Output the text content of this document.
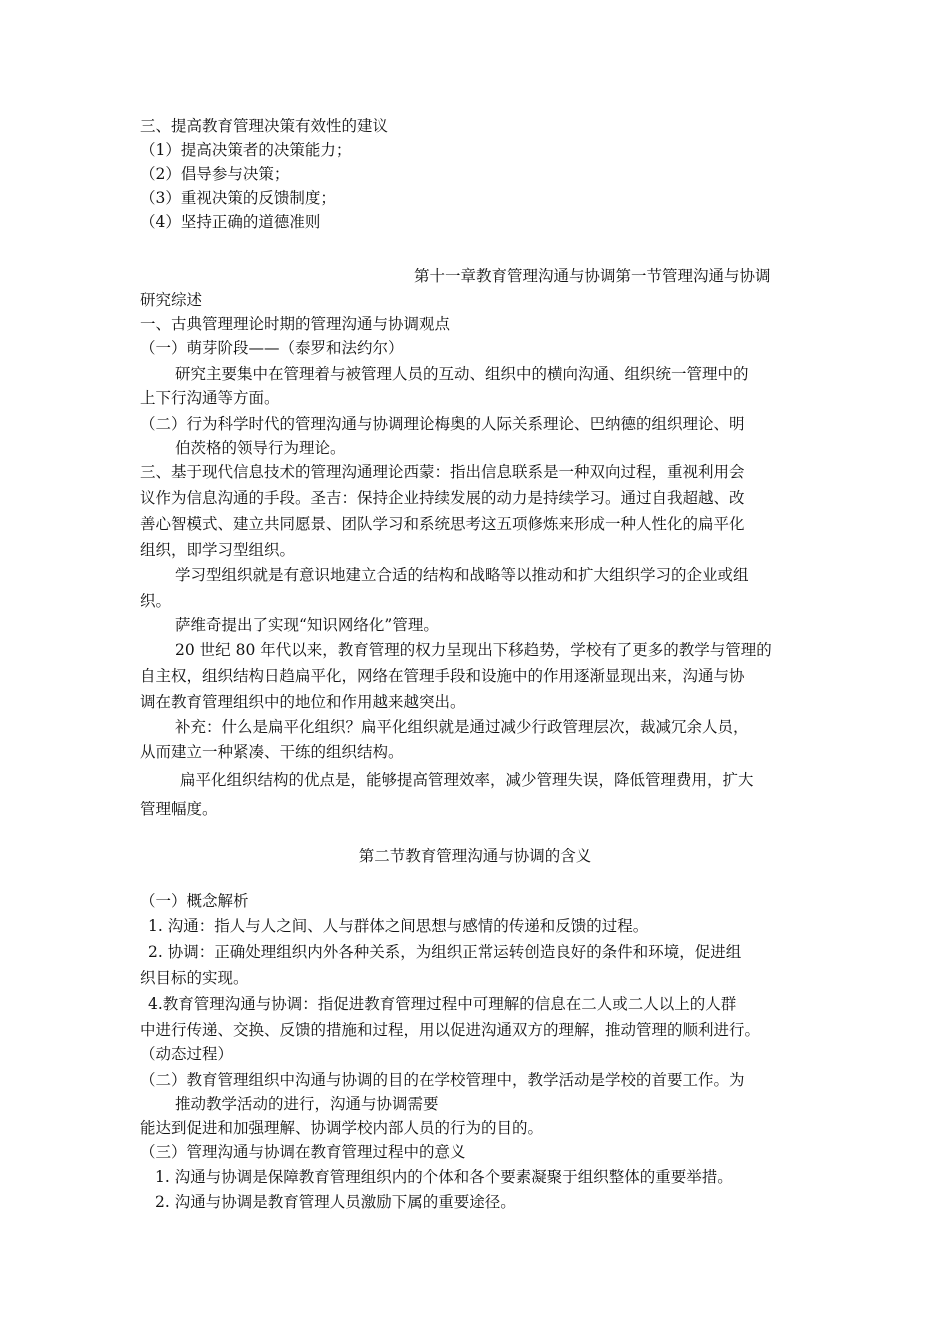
三、提高教育管理决策有效性的建议
（1）提高决策者的决策能力；
（2）倡导参与决策；
（3）重视决策的反馈制度；
（4）坚持正确的道德准则
第十一章教育管理沟通与协调第一节管理沟通与协调
研究综述
一、古典管理理论时期的管理沟通与协调观点
（一）萌芽阶段——（泰罗和法约尔）
研究主要集中在管理着与被管理人员的互动、组织中的横向沟通、组织统一管理中的
上下行沟通等方面。
（二）行为科学时代的管理沟通与协调理论梅奥的人际关系理论、巴纳德的组织理论、明
伯茨格的领导行为理论。
三、基于现代信息技术的管理沟通理论西蒙：指出信息联系是一种双向过程，重视利用会
议作为信息沟通的手段。圣吉：保持企业持续发展的动力是持续学习。通过自我超越、改
善心智模式、建立共同愿景、团队学习和系统思考这五项修炼来形成一种人性化的扁平化
组织，即学习型组织。
学习型组织就是有意识地建立合适的结构和战略等以推动和扩大组织学习的企业或组
织。
萨维奇提出了实现“知识网络化”管理。
20 世纪 80 年代以来，教育管理的权力呈现出下移趋势，学校有了更多的教学与管理的
自主权，组织结构日趋扁平化，网络在管理手段和设施中的作用逐渐显现出来，沟通与协
调在教育管理组织中的地位和作用越来越突出。
补充：什么是扁平化组织？扁平化组织就是通过减少行政管理层次，裁减冗余人员，
从而建立一种紧凑、干练的组织结构。
扁平化组织结构的优点是，能够提高管理效率，减少管理失误，降低管理费用，扩大
管理幅度。
第二节教育管理沟通与协调的含义
（一）概念解析
1. 沟通：指人与人之间、人与群体之间思想与感情的传递和反馈的过程。
2. 协调：正确处理组织内外各种关系，为组织正常运转创造良好的条件和环境，促进组
织目标的实现。
4.教育管理沟通与协调：指促进教育管理过程中可理解的信息在二人或二人以上的人群
中进行传递、交换、反馈的措施和过程，用以促进沟通双方的理解，推动管理的顺利进行。
（动态过程）
（二）教育管理组织中沟通与协调的目的在学校管理中，教学活动是学校的首要工作。为
推动教学活动的进行，沟通与协调需要
能达到促进和加强理解、协调学校内部人员的行为的目的。
（三）管理沟通与协调在教育管理过程中的意义
1. 沟通与协调是保障教育管理组织内的个体和各个要素凝聚于组织整体的重要举措。
2. 沟通与协调是教育管理人员激励下属的重要途径。
